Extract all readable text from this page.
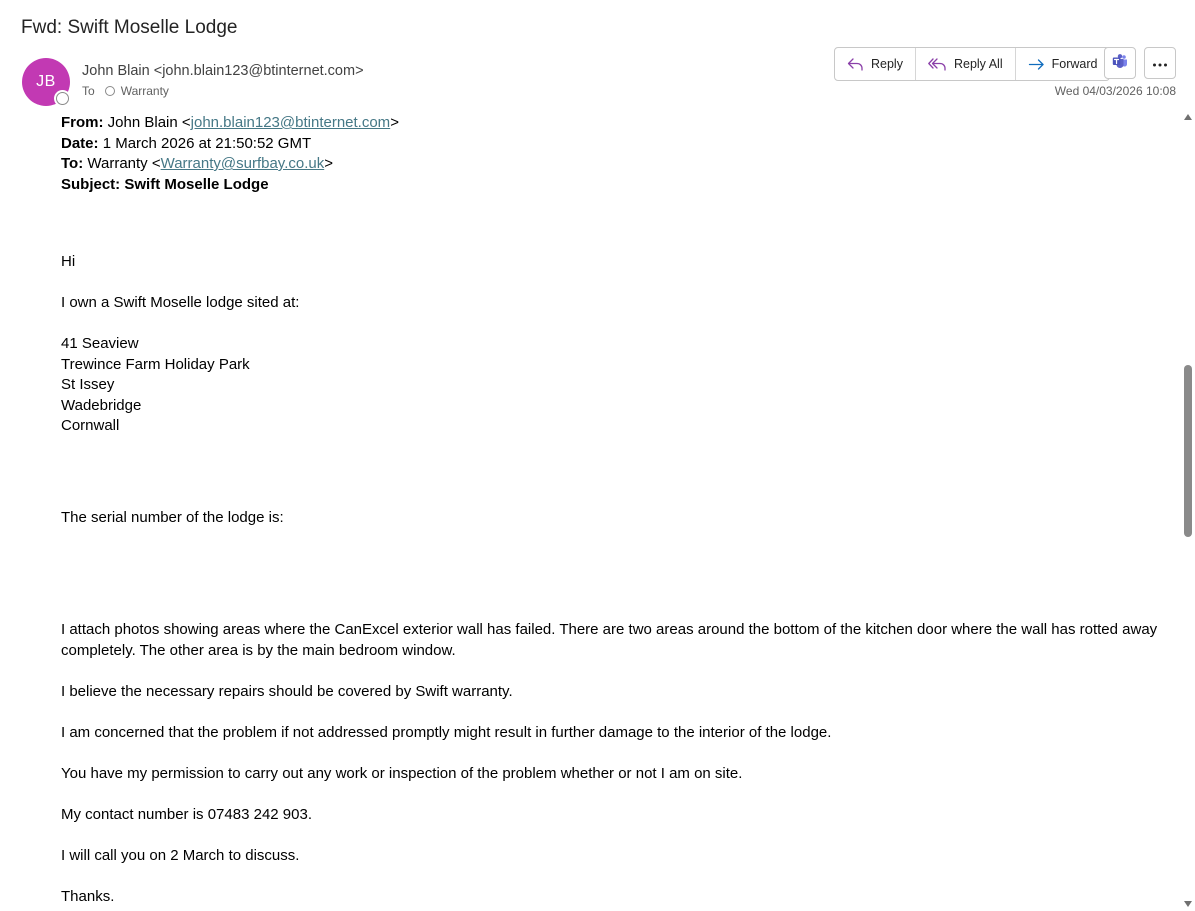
Fwd: Swift Moselle Lodge
JB
John Blain <john.blain123@btinternet.com>
To Warranty
Reply	Reply All	Forward
Wed 04/03/2026 10:08

From: John Blain <john.blain123@btinternet.com>

Date: 1 March 2026 at 21:50:52 GMT

To: Warranty <Warranty@surfbay.co.uk>

Subject: Swift Moselle Lodge

Hi

I own a Swift Moselle lodge sited at:

41 Seaview

Trewince Farm Holiday Park

St Issey

Wadebridge

Cornwall

The serial number of the lodge is:

I attach photos showing areas where the CanExcel exterior wall has failed. There are two areas around the bottom of the kitchen door where the wall has rotted away completely. The other area is by the main bedroom window.

I believe the necessary repairs should be covered by Swift warranty.

I am concerned that the problem if not addressed promptly might result in further damage to the interior of the lodge.

You have my permission to carry out any work or inspection of the problem whether or not I am on site.

My contact number is 07483 242 903.

I will call you on 2 March to discuss.

Thanks.
